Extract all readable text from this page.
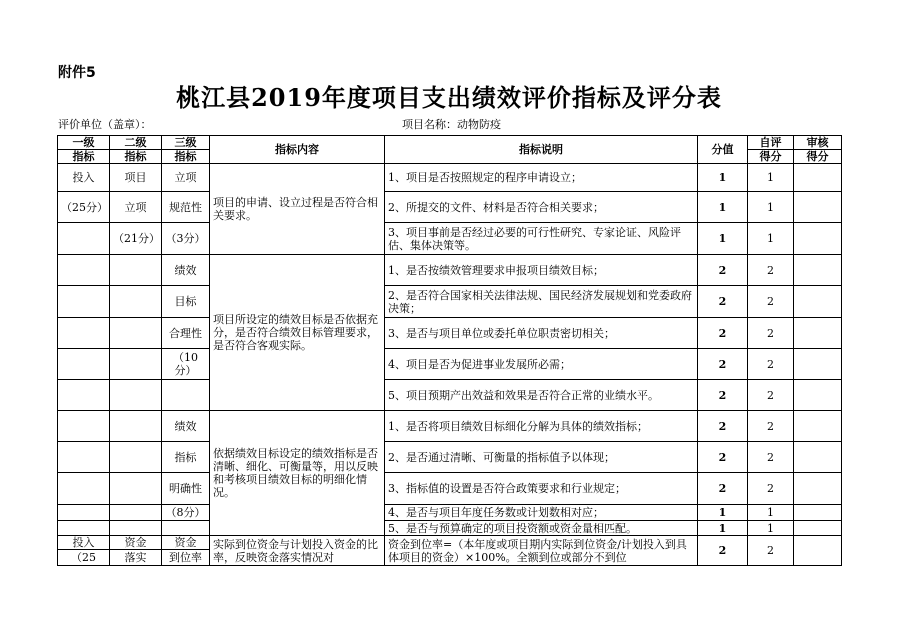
附件5
桃江县2019年度项目支出绩效评价指标及评分表
评价单位（盖章）：	项目名称：动物防疫
一级	二级	三级	指标内容	指标说明	分值	自评	审核
指标	指标	指标				得分	得分
投入	项目	立项	项目的申请、设立过程是否符合相关要求。	1、项目是否按照规定的程序申请设立；	1	1	
（25分）	立项	规范性		2、所提交的文件、材料是否符合相关要求；	1	1	
	（21分）	（3分）		3、项目事前是否经过必要的可行性研究、专家论证、风险评估、集体决策等。	1	1	
		绩效	项目所设定的绩效目标是否依据充分，是否符合绩效目标管理要求，是否符合客观实际。	1、是否按绩效管理要求申报项目绩效目标；	2	2	
		目标		2、是否符合国家相关法律法规、国民经济发展规划和党委政府决策；	2	2	
		合理性		3、是否与项目单位或委托单位职责密切相关；	2	2	
		（10分）		4、项目是否为促进事业发展所必需；	2	2	
				5、项目预期产出效益和效果是否符合正常的业绩水平。	2	2	
		绩效	依据绩效目标设定的绩效指标是否清晰、细化、可衡量等，用以反映和考核项目绩效目标的明细化情况。	1、是否将项目绩效目标细化分解为具体的绩效指标；	2	2	
		指标		2、是否通过清晰、可衡量的指标值予以体现；	2	2	
		明确性		3、指标值的设置是否符合政策要求和行业规定；	2	2	
		（8分）		4、是否与项目年度任务数或计划数相对应；	1	1	
				5、是否与预算确定的项目投资额或资金量相匹配。	1	1	
投入	资金	资金	实际到位资金与计划投入资金的比率，反映资金落实情况对	资金到位率=（本年度或项目期内实际到位资金/计划投入到具体项目的资金）×100%。全额到位或部分不到位	2	2	
（25	落实	到位率					
